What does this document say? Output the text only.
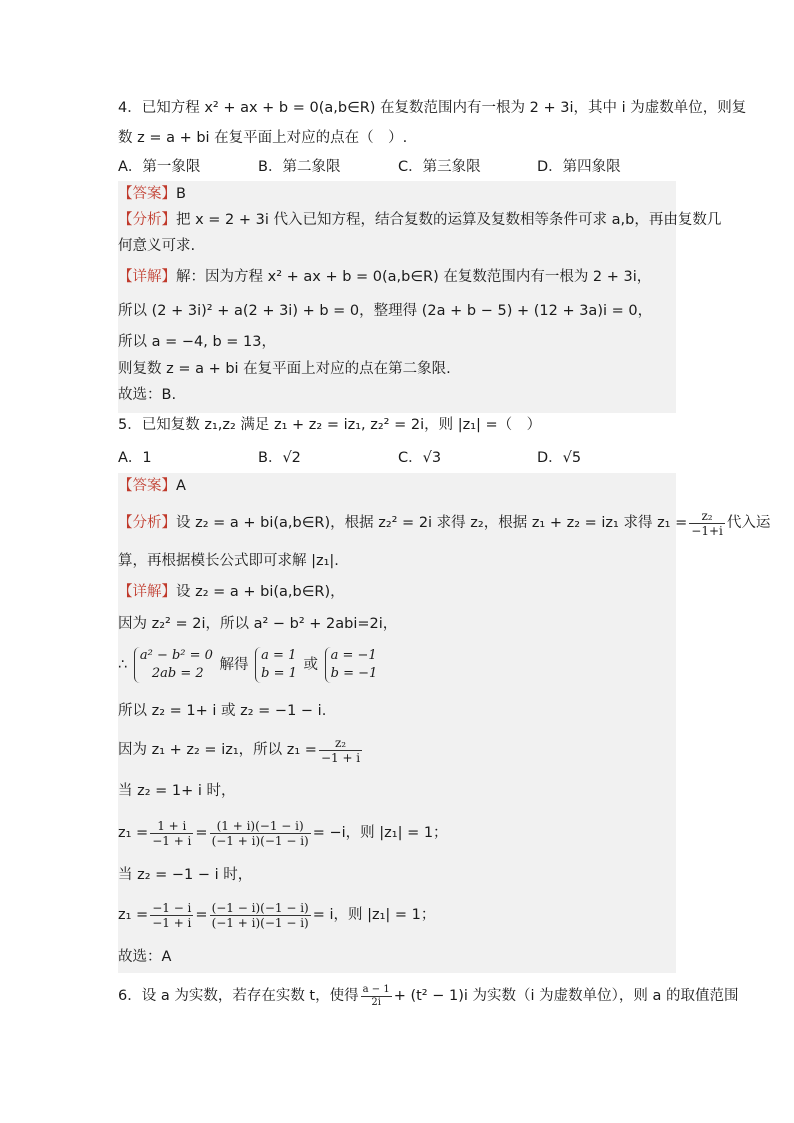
4．已知方程 x² + ax + b = 0(a,b∈R) 在复数范围内有一根为 2 + 3i，其中 i 为虚数单位，则复
数 z = a + bi 在复平面上对应的点在（　）.
A．第一象限	B．第二象限	C．第三象限	D．第四象限
【答案】B
【分析】把 x = 2 + 3i 代入已知方程，结合复数的运算及复数相等条件可求 a,b，再由复数几
何意义可求.
【详解】解：因为方程 x² + ax + b = 0(a,b∈R) 在复数范围内有一根为 2 + 3i，
所以 (2 + 3i)² + a(2 + 3i) + b = 0，整理得 (2a + b − 5) + (12 + 3a)i = 0，
所以 a = −4, b = 13，
则复数 z = a + bi 在复平面上对应的点在第二象限.
故选：B.
5．已知复数 z₁,z₂ 满足 z₁ + z₂ = iz₁, z₂² = 2i，则 |z₁| =（　）
A．1	B．√2	C．√3	D．√5
【答案】A
【分析】设 z₂ = a + bi(a,b∈R)，根据 z₂² = 2i 求得 z₂，根据 z₁ + z₂ = iz₁ 求得 $z_1 = \frac{\text{z₂}}{-1+i}$ 代入运
算，再根据模长公式即可求解 |z₁|.
【详解】设 z₂ = a + bi(a,b∈R)，
因为 z₂² = 2i，所以 a² − b² + 2abi=2i，
∴
a² − b² = 0
2ab = 2
解得
a = 1
b = 1
或
a = −1
b = −1
所以 z₂ = 1+ i 或 z₂ = −1 − i.
因为 z₁ + z₂ = iz₁，所以 $z_1 = \frac{\text{z₂}}{-1 + i}$
当 z₂ = 1+ i 时，
$z_1 = \frac{1 + i}{-1 + i} = \frac{(1 + i)(-1 - i)}{(-1 + i)(-1 - i)} = -i$，则 |z₁| = 1；
当 z₂ = −1 − i 时，
$z_1 = \frac{-1 - i}{-1 + i} = \frac{(-1 - i)(-1 - i)}{(-1 + i)(-1 - i)} = i$，则 |z₁| = 1；
故选：A
6．设 a 为实数，若存在实数 t，使得 $\frac{a - 1}{2i} + (t^2 - 1)i$ 为实数（i 为虚数单位），则 a 的取值范围
